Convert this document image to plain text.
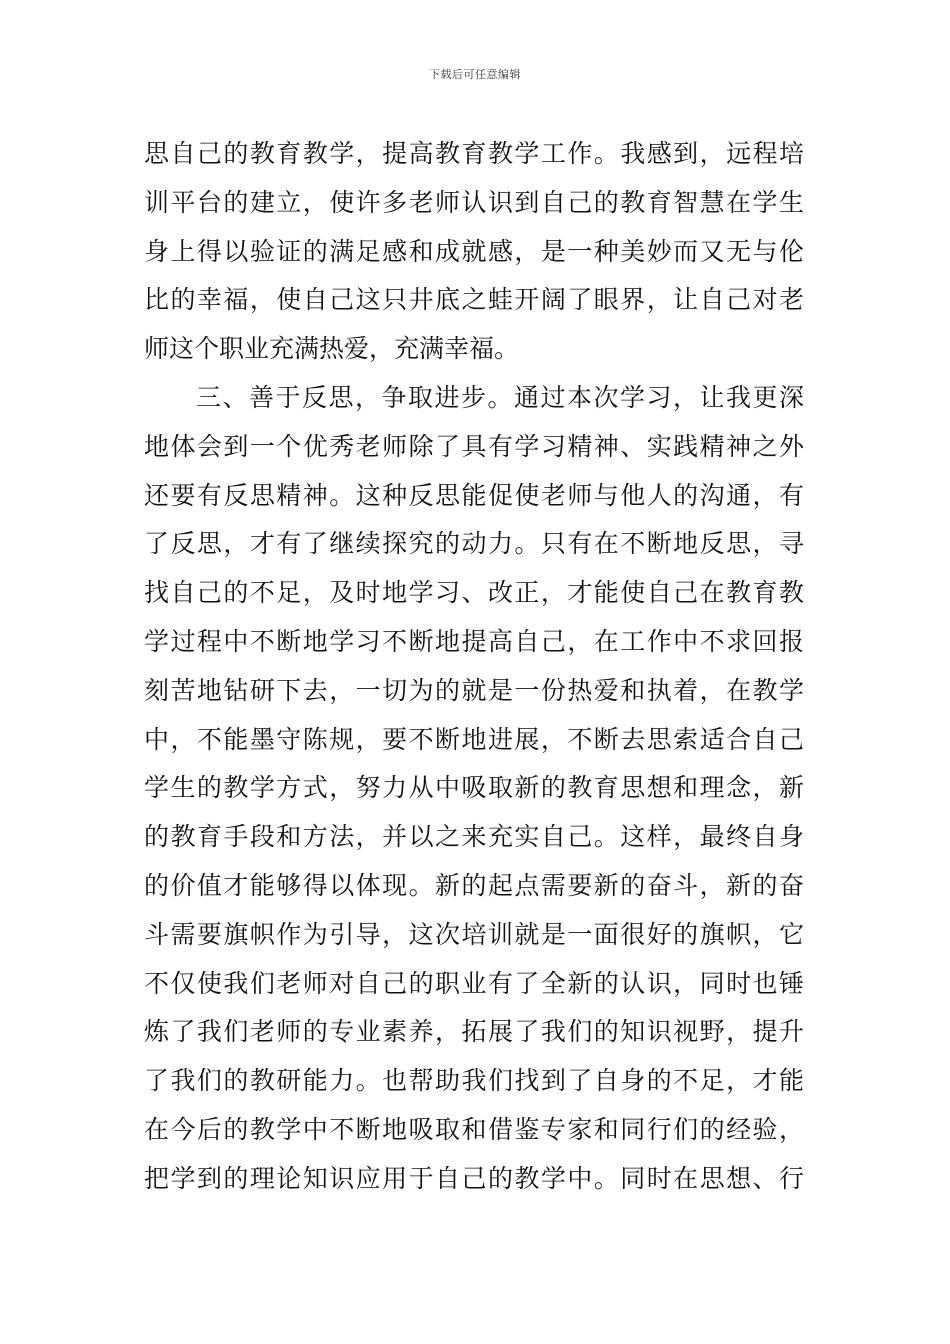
下载后可任意编辑
思自己的教育教学，提高教育教学工作。我感到，远程培
训平台的建立，使许多老师认识到自己的教育智慧在学生
身上得以验证的满足感和成就感，是一种美妙而又无与伦
比的幸福，使自己这只井底之蛙开阔了眼界，让自己对老
师这个职业充满热爱，充满幸福。
三、善于反思，争取进步。通过本次学习，让我更深
地体会到一个优秀老师除了具有学习精神、实践精神之外
还要有反思精神。这种反思能促使老师与他人的沟通，有
了反思，才有了继续探究的动力。只有在不断地反思，寻
找自己的不足，及时地学习、改正，才能使自己在教育教
学过程中不断地学习不断地提高自己，在工作中不求回报
刻苦地钻研下去，一切为的就是一份热爱和执着，在教学
中，不能墨守陈规，要不断地进展，不断去思索适合自己
学生的教学方式，努力从中吸取新的教育思想和理念，新
的教育手段和方法，并以之来充实自己。这样，最终自身
的价值才能够得以体现。新的起点需要新的奋斗，新的奋
斗需要旗帜作为引导，这次培训就是一面很好的旗帜，它
不仅使我们老师对自己的职业有了全新的认识，同时也锤
炼了我们老师的专业素养，拓展了我们的知识视野，提升
了我们的教研能力。也帮助我们找到了自身的不足，才能
在今后的教学中不断地吸取和借鉴专家和同行们的经验，
把学到的理论知识应用于自己的教学中。同时在思想、行
